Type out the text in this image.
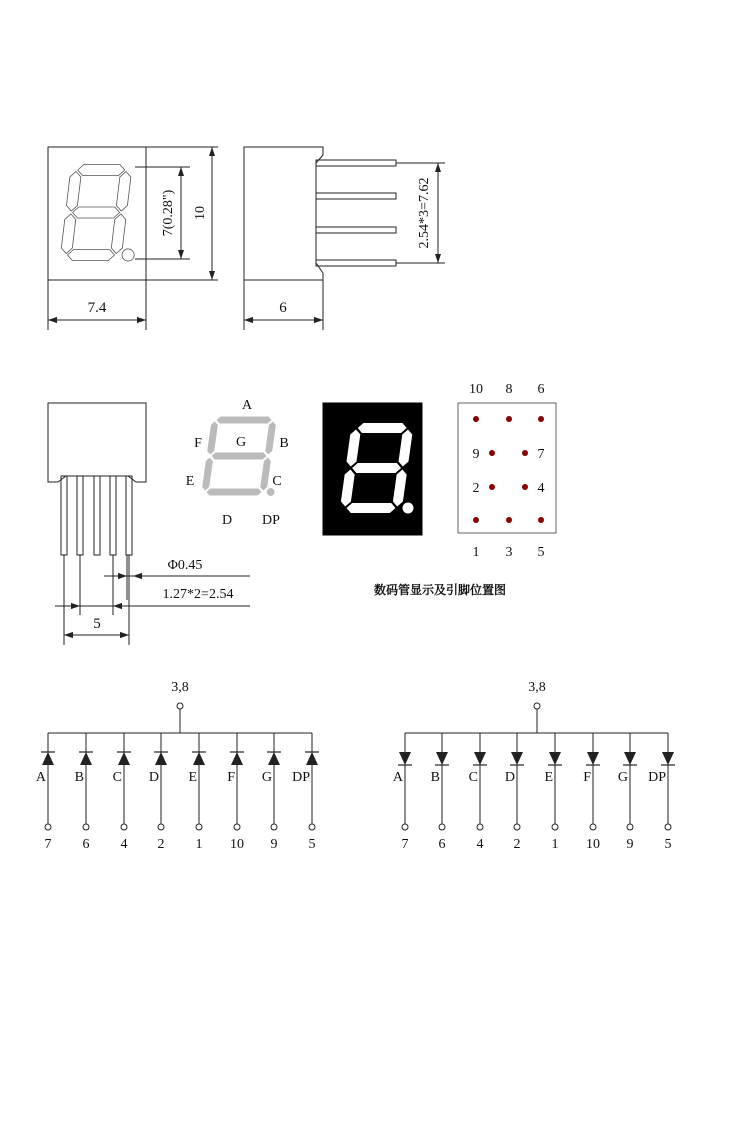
10
7(0.28")
7.4
2.54*3=7.62
6
Φ0.45
1.27*2=2.54
5
A
F G B
E	C
D DP
10
1
8
3
6
5
9	7
2	4
数码管显示及引脚位置图
3,8
A
7
B
6
C
4
D
2
E
1
F
10
G
9
DP
5
3,8
A
7
B
6
C
4
D
2
E
1
F
10
G
9
DP
5
